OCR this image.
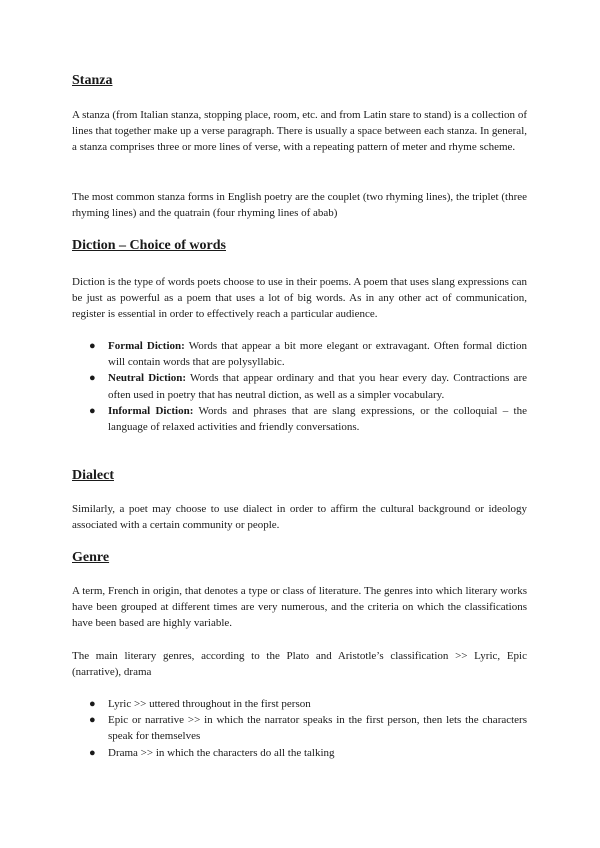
Stanza

A stanza (from Italian stanza, stopping place, room, etc. and from Latin stare to stand) is a collection of lines that together make up a verse paragraph. There is usually a space between each stanza. In general, a stanza comprises three or more lines of verse, with a repeating pattern of meter and rhyme scheme.

The most common stanza forms in English poetry are the couplet (two rhyming lines), the triplet (three rhyming lines) and the quatrain (four rhyming lines of abab)

Diction – Choice of words

Diction is the type of words poets choose to use in their poems. A poem that uses slang expressions can be just as powerful as a poem that uses a lot of big words. As in any other act of communication, register is essential in order to effectively reach a particular audience.

● Formal Diction: Words that appear a bit more elegant or extravagant. Often formal diction will contain words that are polysyllabic.
● Neutral Diction: Words that appear ordinary and that you hear every day. Contractions are often used in poetry that has neutral diction, as well as a simpler vocabulary.
● Informal Diction: Words and phrases that are slang expressions, or the colloquial – the language of relaxed activities and friendly conversations.
Dialect

Similarly, a poet may choose to use dialect in order to affirm the cultural background or ideology associated with a certain community or people.

Genre

A term, French in origin, that denotes a type or class of literature. The genres into which literary works have been grouped at different times are very numerous, and the criteria on which the classifications have been based are highly variable.

The main literary genres, according to the Plato and Aristotle’s classification >> Lyric, Epic (narrative), drama

● Lyric >> uttered throughout in the first person
● Epic or narrative >> in which the narrator speaks in the first person, then lets the characters speak for themselves
● Drama >> in which the characters do all the talking
